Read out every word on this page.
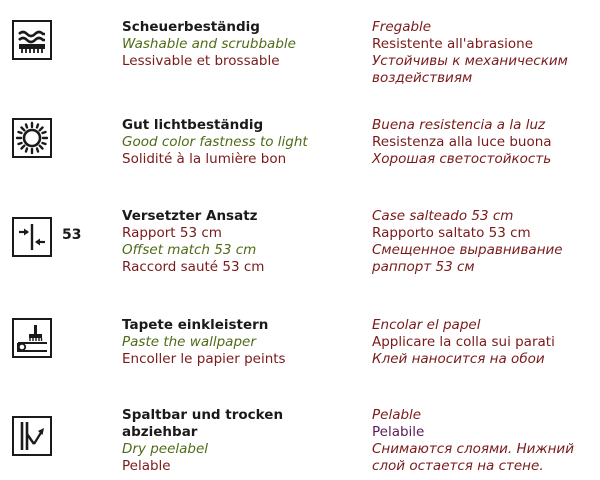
Scheuerbeständig
Washable and scrubbable
Lessivable et brossable
Fregable
Resistente all'abrasione
Устойчивы к механическим воздействиям
Gut lichtbeständig
Good color fastness to light
Solidité à la lumière bon
Buena resistencia a la luz
Resistenza alla luce buona
Хорошая светостойкость
53
Versetzter Ansatz
Rapport 53 cm
Offset match 53 cm
Raccord sauté 53 cm
Case salteado 53 cm
Rapporto saltato 53 cm
Смещенное выравнивание
раппорт 53 см
Tapete einkleistern
Paste the wallpaper
Encoller le papier peints
Encolar el papel
Applicare la colla sui parati
Клей наносится на обои
Spaltbar und trocken abziehbar
Dry peelabel
Pelable
Pelable
Pelabile
Снимаются слоями. Нижний слой остается на стене.
